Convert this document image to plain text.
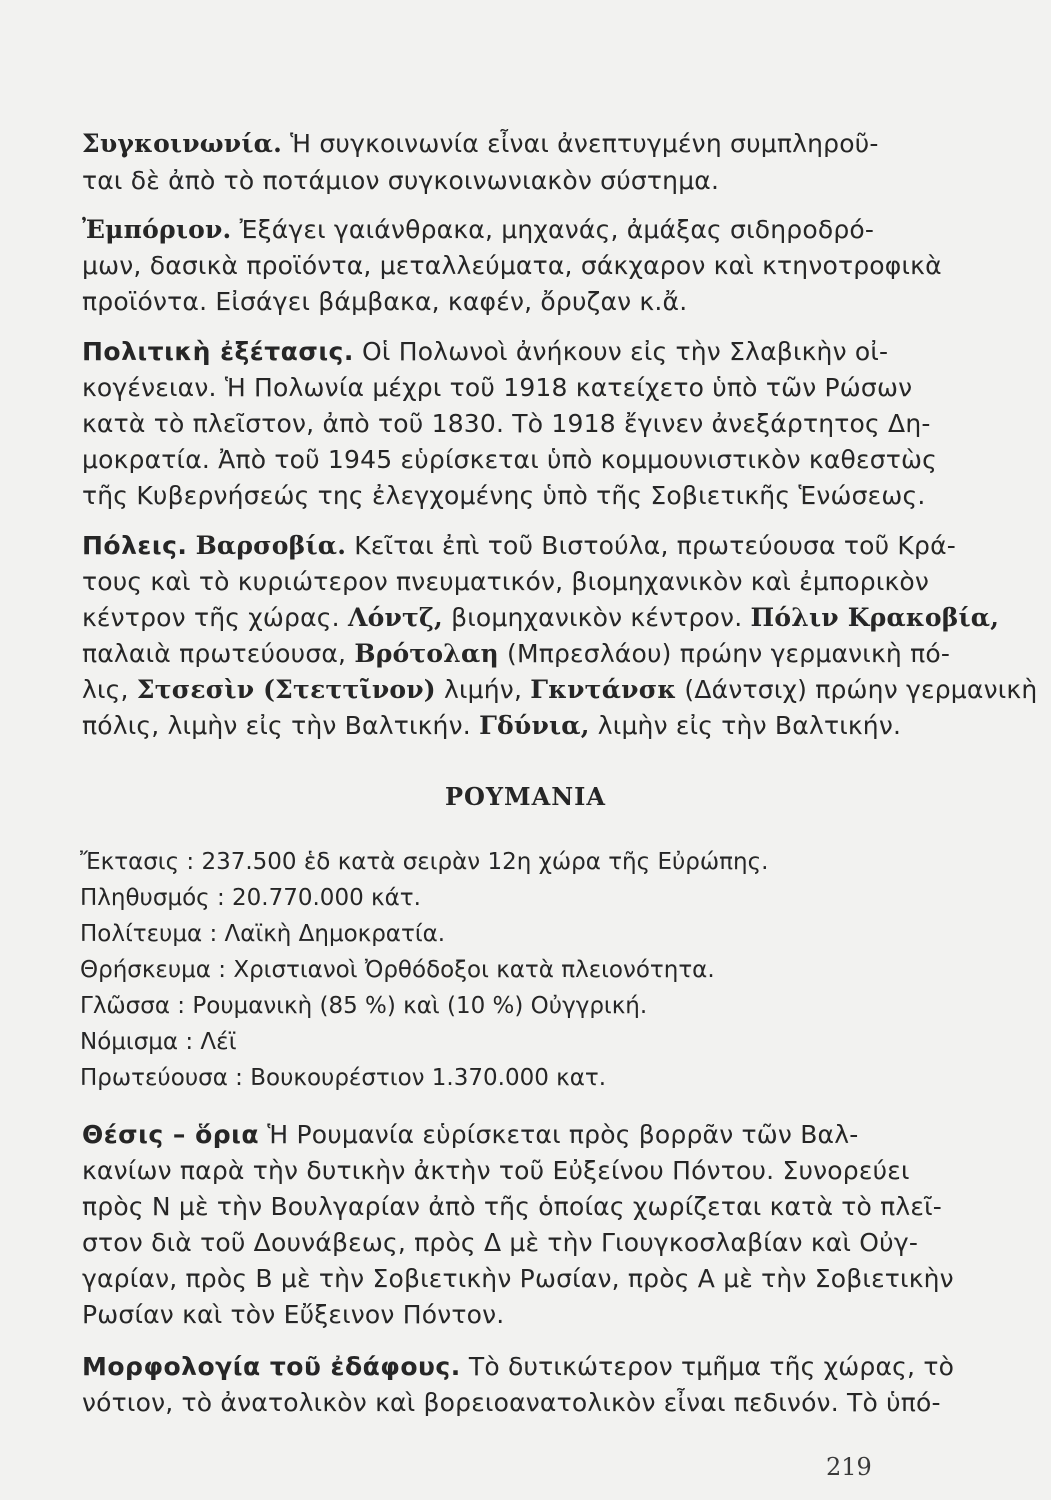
Συγκοινωνία. Ἡ συγκοινωνία εἶναι ἀνεπτυγμένη συμπληροῦ-
ται δὲ ἀπὸ τὸ ποτάμιον συγκοινωνιακὸν σύστημα.
Ἐμπόριον. Ἐξάγει γαιάνθρακα, μηχανάς, ἀμάξας σιδηροδρό-
μων, δασικὰ προϊόντα, μεταλλεύματα, σάκχαρον καὶ κτηνοτροφικὰ
προϊόντα. Εἰσάγει βάμβακα, καφέν, ὄρυζαν κ.ἄ.
Πολιτικὴ ἐξέτασις. Οἱ Πολωνοὶ ἀνήκουν εἰς τὴν Σλαβικὴν οἰ-
κογένειαν. Ἡ Πολωνία μέχρι τοῦ 1918 κατείχετο ὑπὸ τῶν Ρώσων
κατὰ τὸ πλεῖστον, ἀπὸ τοῦ 1830. Τὸ 1918 ἔγινεν ἀνεξάρτητος Δη-
μοκρατία. Ἀπὸ τοῦ 1945 εὑρίσκεται ὑπὸ κομμουνιστικὸν καθεστὼς
τῆς Κυβερνήσεώς της ἐλεγχομένης ὑπὸ τῆς Σοβιετικῆς Ἑνώσεως.
Πόλεις. Βαρσοβία. Κεῖται ἐπὶ τοῦ Βιστούλα, πρωτεύουσα τοῦ Κρά-
τους καὶ τὸ κυριώτερον πνευματικόν, βιομηχανικὸν καὶ ἐμπορικὸν
κέντρον τῆς χώρας. Λόντζ, βιομηχανικὸν κέντρον. Πόλιν Κρακοβία,
παλαιὰ πρωτεύουσα, Βρότολαη (Μπρεσλάου) πρώην γερμανικὴ πό-
λις, Στσεσὶν (Στεττῖνον) λιμήν, Γκντάνσκ (Δάντσιχ) πρώην γερμανικὴ
πόλις, λιμὴν εἰς τὴν Βαλτικήν. Γδύνια, λιμὴν εἰς τὴν Βαλτικήν.
ΡΟΥΜΑΝΙΑ
Ἔκτασις : 237.500 ἑδ κατὰ σειρὰν 12η χώρα τῆς Εὐρώπης.
Πληθυσμός : 20.770.000 κάτ.
Πολίτευμα : Λαϊκὴ Δημοκρατία.
Θρήσκευμα : Χριστιανοὶ Ὀρθόδοξοι κατὰ πλειονότητα.
Γλῶσσα : Ρουμανικὴ (85 %) καὶ (10 %) Οὐγγρική.
Νόμισμα : Λέϊ
Πρωτεύουσα : Βουκουρέστιον 1.370.000 κατ.
Θέσις – ὅρια Ἡ Ρουμανία εὑρίσκεται πρὸς βορρᾶν τῶν Βαλ-
κανίων παρὰ τὴν δυτικὴν ἀκτὴν τοῦ Εὐξείνου Πόντου. Συνορεύει
πρὸς Ν μὲ τὴν Βουλγαρίαν ἀπὸ τῆς ὁποίας χωρίζεται κατὰ τὸ πλεῖ-
στον διὰ τοῦ Δουνάβεως, πρὸς Δ μὲ τὴν Γιουγκοσλαβίαν καὶ Οὐγ-
γαρίαν, πρὸς Β μὲ τὴν Σοβιετικὴν Ρωσίαν, πρὸς Α μὲ τὴν Σοβιετικὴν
Ρωσίαν καὶ τὸν Εὔξεινον Πόντον.
Μορφολογία τοῦ ἐδάφους. Τὸ δυτικώτερον τμῆμα τῆς χώρας, τὸ
νότιον, τὸ ἀνατολικὸν καὶ βορειοανατολικὸν εἶναι πεδινόν. Τὸ ὑπό-
219
